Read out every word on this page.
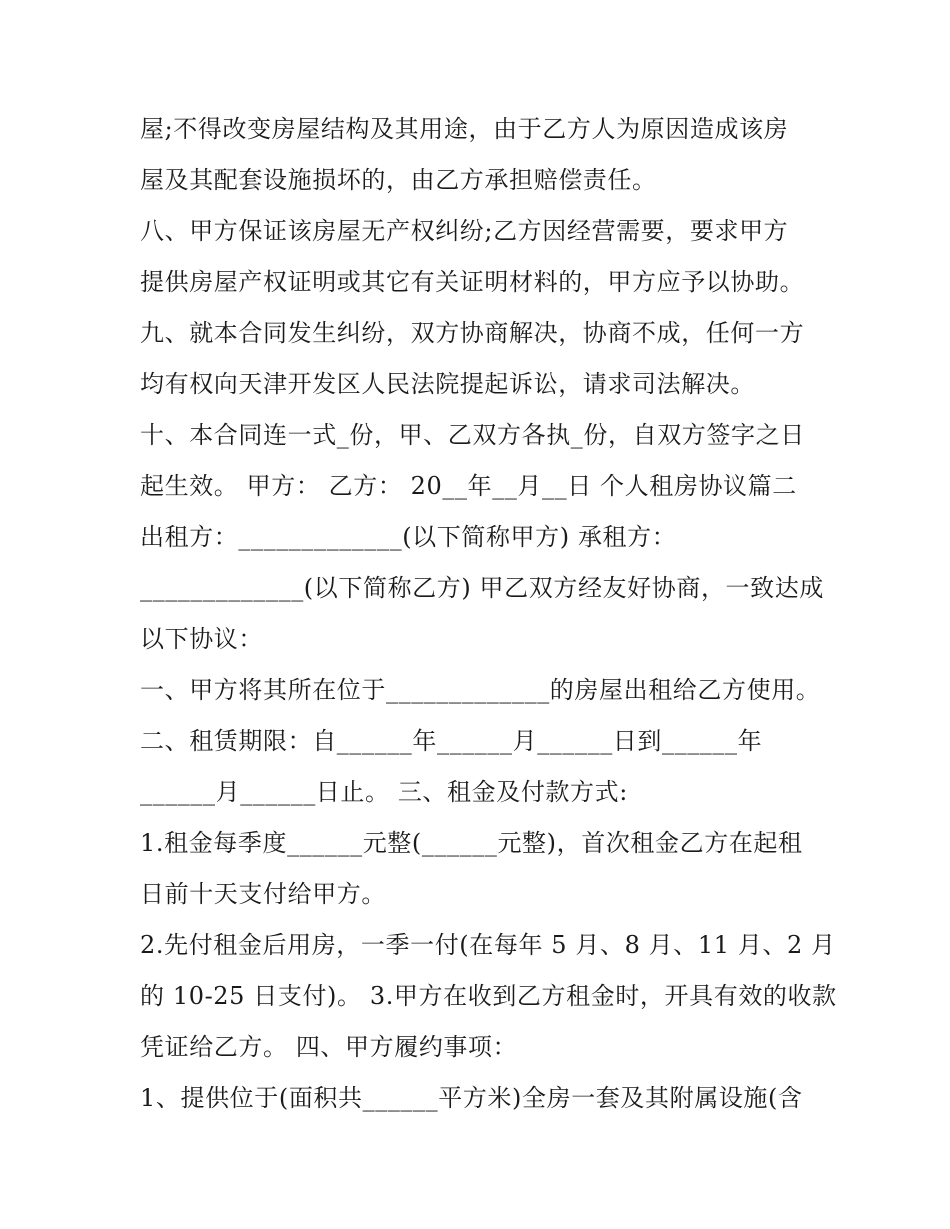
屋;不得改变房屋结构及其用途，由于乙方人为原因造成该房
屋及其配套设施损坏的，由乙方承担赔偿责任。
八、甲方保证该房屋无产权纠纷;乙方因经营需要，要求甲方
提供房屋产权证明或其它有关证明材料的，甲方应予以协助。
九、就本合同发生纠纷，双方协商解决，协商不成，任何一方
均有权向天津开发区人民法院提起诉讼，请求司法解决。
十、本合同连一式_份，甲、乙双方各执_份，自双方签字之日
起生效。 甲方： 乙方： 20__年__月__日 个人租房协议篇二
出租方：_____________(以下简称甲方) 承租方：
_____________(以下简称乙方) 甲乙双方经友好协商，一致达成
以下协议：
一、甲方将其所在位于_____________的房屋出租给乙方使用。
二、租赁期限：自______年______月______日到______年
______月______日止。 三、租金及付款方式:
1.租金每季度______元整(______元整)，首次租金乙方在起租
日前十天支付给甲方。
2.先付租金后用房，一季一付(在每年 5 月、8 月、11 月、2 月
的 10-25 日支付)。 3.甲方在收到乙方租金时，开具有效的收款
凭证给乙方。 四、甲方履约事项：
1、提供位于(面积共______平方米)全房一套及其附属设施(含
